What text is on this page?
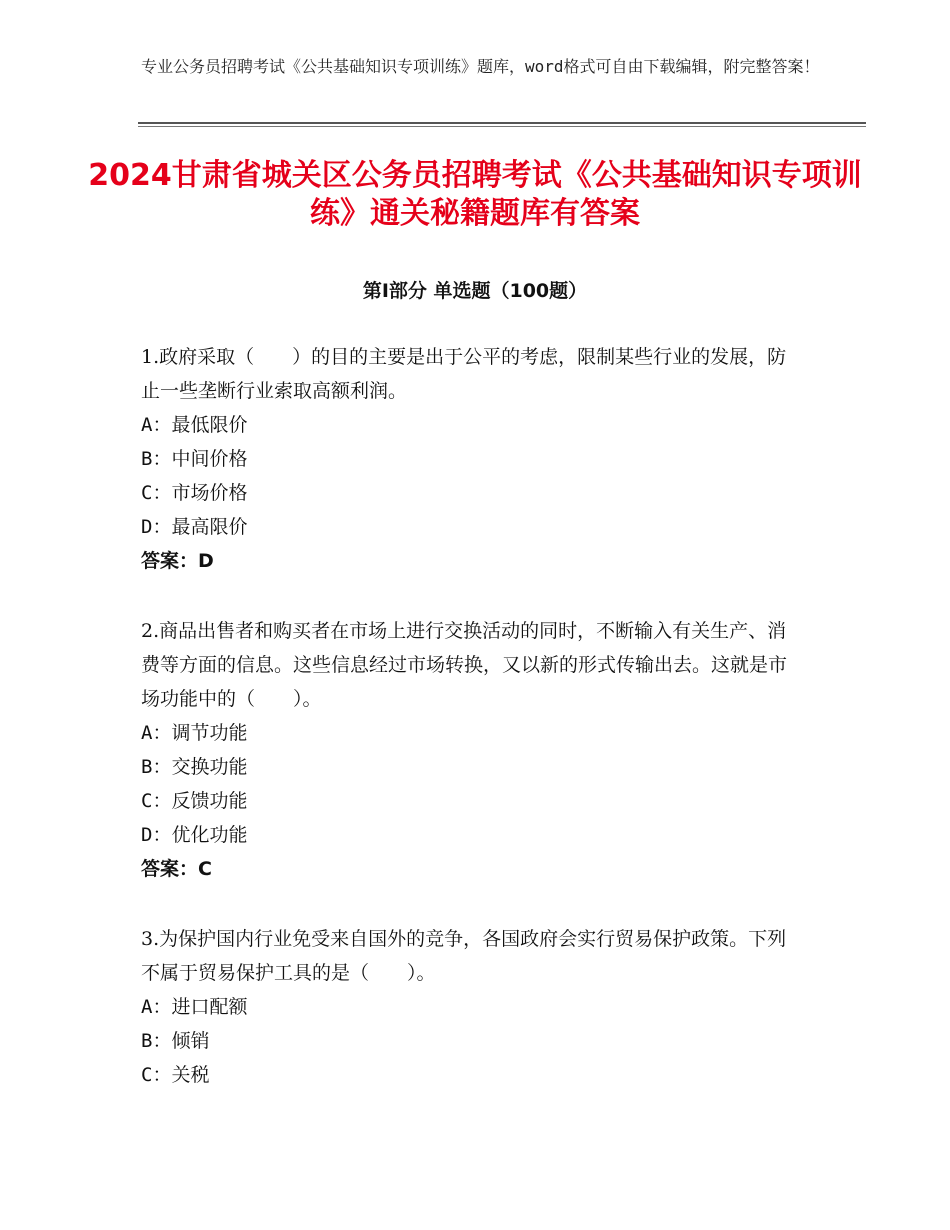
专业公务员招聘考试《公共基础知识专项训练》题库，word格式可自由下载编辑，附完整答案！
2024甘肃省城关区公务员招聘考试《公共基础知识专项训练》通关秘籍题库有答案
第I部分 单选题（100题）

1.政府采取（　　）的目的主要是出于公平的考虑，限制某些行业的发展，防止一些垄断行业索取高额利润。

A：最低限价

B：中间价格

C：市场价格

D：最高限价

答案：D

2.商品出售者和购买者在市场上进行交换活动的同时，不断输入有关生产、消费等方面的信息。这些信息经过市场转换，又以新的形式传输出去。这就是市场功能中的（　　）。

A：调节功能

B：交换功能

C：反馈功能

D：优化功能

答案：C

3.为保护国内行业免受来自国外的竞争，各国政府会实行贸易保护政策。下列不属于贸易保护工具的是（　　）。

A：进口配额

B：倾销

C：关税
